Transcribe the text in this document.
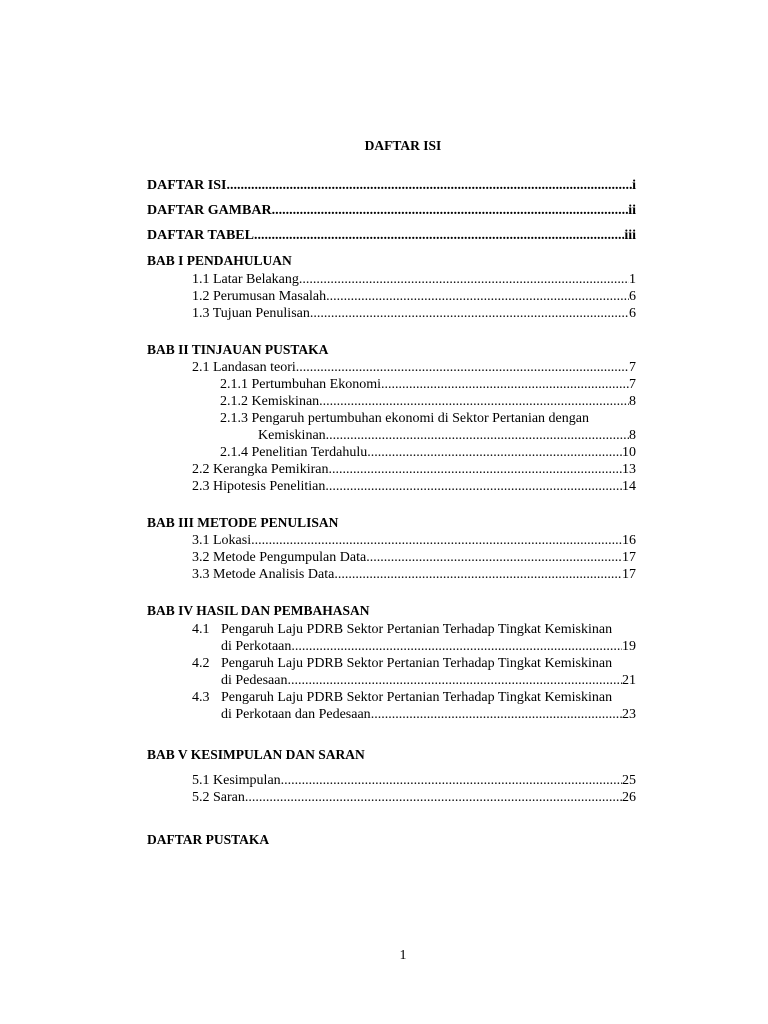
DAFTAR ISI
DAFTAR ISI .....	i
DAFTAR GAMBAR .....	ii
DAFTAR TABEL .....	iii
BAB I PENDAHULUAN
1.1 Latar Belakang .....	1
1.2 Perumusan Masalah .....	6
1.3 Tujuan Penulisan .....	6
BAB II TINJAUAN PUSTAKA
2.1 Landasan teori .....	7
2.1.1 Pertumbuhan Ekonomi .....	7
2.1.2 Kemiskinan .....	8
2.1.3 Pengaruh pertumbuhan ekonomi di Sektor Pertanian dengan
Kemiskinan .....	8
2.1.4 Penelitian Terdahulu .....	10
2.2 Kerangka Pemikiran .....	13
2.3 Hipotesis Penelitian .....	14
BAB III METODE PENULISAN
3.1 Lokasi .....	16
3.2 Metode Pengumpulan Data .....	17
3.3 Metode Analisis Data .....	17
BAB IV HASIL DAN PEMBAHASAN
4.1 Pengaruh Laju PDRB Sektor Pertanian Terhadap Tingkat Kemiskinan
di Perkotaan .....	19
4.2 Pengaruh Laju PDRB Sektor Pertanian Terhadap Tingkat Kemiskinan
di Pedesaan .....	21
4.3 Pengaruh Laju PDRB Sektor Pertanian Terhadap Tingkat Kemiskinan
di Perkotaan dan Pedesaan .....	23
BAB V KESIMPULAN DAN SARAN
5.1 Kesimpulan .....	25
5.2 Saran .....	26
DAFTAR PUSTAKA
1
